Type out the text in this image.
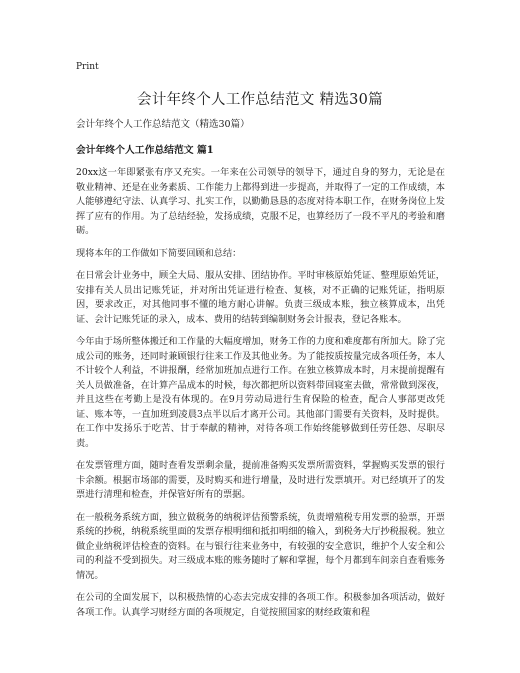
Print
会计年终个人工作总结范文 精选30篇

会计年终个人工作总结范文（精选30篇）

会计年终个人工作总结范文 篇1

20xx这一年即紧张有序又充实。一年来在公司领导的领导下，通过自身的努力，无论是在敬业精神、还是在业务素质、工作能力上都得到进一步提高，并取得了一定的工作成绩，本人能够遵纪守法、认真学习、扎实工作，以勤勤恳恳的态度对待本职工作，在财务岗位上发挥了应有的作用。为了总结经验，发扬成绩，克服不足，也算经历了一段不平凡的考验和磨砺。

现将本年的工作做如下简要回顾和总结：

在日常会计业务中，顾全大局、服从安排、团结协作。平时审核原始凭证、整理原始凭证，安排有关人员出记账凭证，并对所出凭证进行检查、复核，对不正确的记账凭证，指明原因，要求改正，对其他同事不懂的地方耐心讲解。负责三级成本账，独立核算成本，出凭证、会计记账凭证的录入，成本、费用的结转到编制财务会计报表，登记各账本。

今年由于场所整体搬迁和工作量的大幅度增加，财务工作的力度和难度都有所加大。除了完成公司的账务，还同时兼顾银行往来工作及其他业务。为了能按质按量完成各项任务，本人不计较个人利益，不讲报酬，经常加班加点进行工作。在独立核算成本时，月末提前提醒有关人员做准备，在计算产品成本的时候，每次都把所以资料带回寝室去做，常常做到深夜，并且这些在考勤上是没有体现的。在9月劳动局进行生育保险的检查，配合人事部更改凭证、账本等，一直加班到凌晨3点半以后才离开公司。其他部门需要有关资料，及时提供。在工作中发扬乐于吃苦、甘于奉献的精神，对待各项工作始终能够做到任劳任怨、尽职尽责。

在发票管理方面，随时查看发票剩余量，提前准备购买发票所需资料，掌握购买发票的银行卡余额。根据市场部的需要，及时购买和进行增量，及时进行发票填开。对已经填开了的发票进行清理和检查，并保管好所有的票据。

在一般税务系统方面，独立做税务的纳税评估预警系统，负责增殖税专用发票的验票，开票系统的抄税，纳税系统里面的发票存根明细和抵扣明细的输入，到税务大厅抄税报税。独立做企业纳税评估检查的资料。在与银行往来业务中，有较强的安全意识，维护个人安全和公司的利益不受到损失。对三级成本账的账务随时了解和掌握，每个月都到车间亲自查看账务情况。

在公司的全面发展下，以积极热情的心态去完成安排的各项工作。积极参加各项活动，做好各项工作。认真学习财经方面的各项规定，自觉按照国家的财经政策和程
